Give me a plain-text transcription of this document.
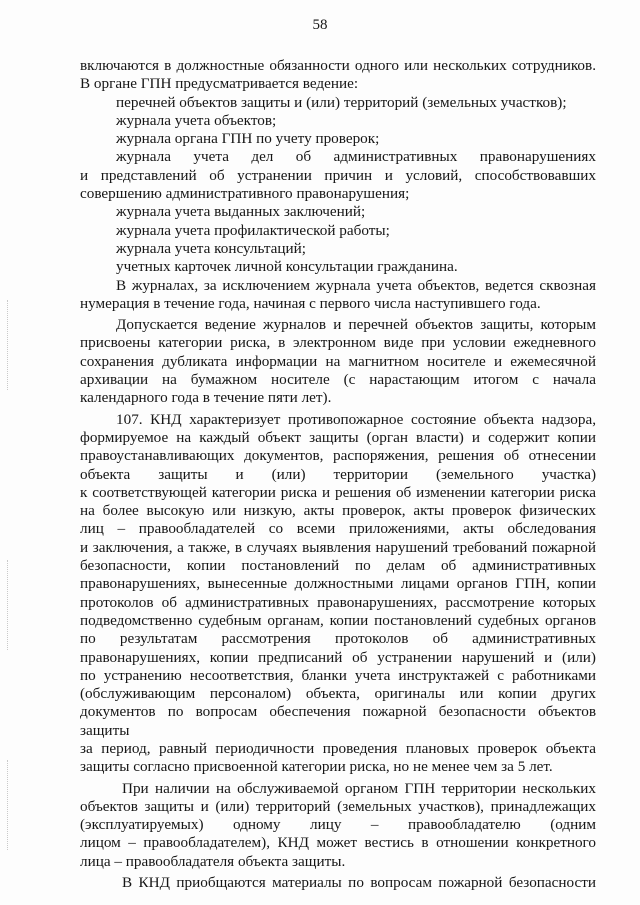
58
включаются в должностные обязанности одного или нескольких сотрудников.
В органе ГПН предусматривается ведение:
перечней объектов защиты и (или) территорий (земельных участков);
журнала учета объектов;
журнала органа ГПН по учету проверок;
журнала учета дел об административных правонарушениях
и представлений об устранении причин и условий, способствовавших
совершению административного правонарушения;
журнала учета выданных заключений;
журнала учета профилактической работы;
журнала учета консультаций;
учетных карточек личной консультации гражданина.
В журналах, за исключением журнала учета объектов, ведется сквозная
нумерация в течение года, начиная с первого числа наступившего года.
Допускается ведение журналов и перечней объектов защиты, которым
присвоены категории риска, в электронном виде при условии ежедневного
сохранения дубликата информации на магнитном носителе и ежемесячной
архивации на бумажном носителе (с нарастающим итогом с начала
календарного года в течение пяти лет).
107. КНД характеризует противопожарное состояние объекта надзора,
формируемое на каждый объект защиты (орган власти) и содержит копии
правоустанавливающих документов, распоряжения, решения об отнесении
объекта защиты и (или) территории (земельного участка)
к соответствующей категории риска и решения об изменении категории риска
на более высокую или низкую, акты проверок, акты проверок физических
лиц – правообладателей со всеми приложениями, акты обследования
и заключения, а также, в случаях выявления нарушений требований пожарной
безопасности, копии постановлений по делам об административных
правонарушениях, вынесенные должностными лицами органов ГПН, копии
протоколов об административных правонарушениях, рассмотрение которых
подведомственно судебным органам, копии постановлений судебных органов
по результатам рассмотрения протоколов об административных
правонарушениях, копии предписаний об устранении нарушений и (или)
по устранению несоответствия, бланки учета инструктажей с работниками
(обслуживающим персоналом) объекта, оригиналы или копии других
документов по вопросам обеспечения пожарной безопасности объектов защиты
за период, равный периодичности проведения плановых проверок объекта
защиты согласно присвоенной категории риска, но не менее чем за 5 лет.
При наличии на обслуживаемой органом ГПН территории нескольких
объектов защиты и (или) территорий (земельных участков), принадлежащих
(эксплуатируемых) одному лицу – правообладателю (одним
лицом – правообладателем), КНД может вестись в отношении конкретного
лица – правообладателя объекта защиты.
В КНД приобщаются материалы по вопросам пожарной безопасности
